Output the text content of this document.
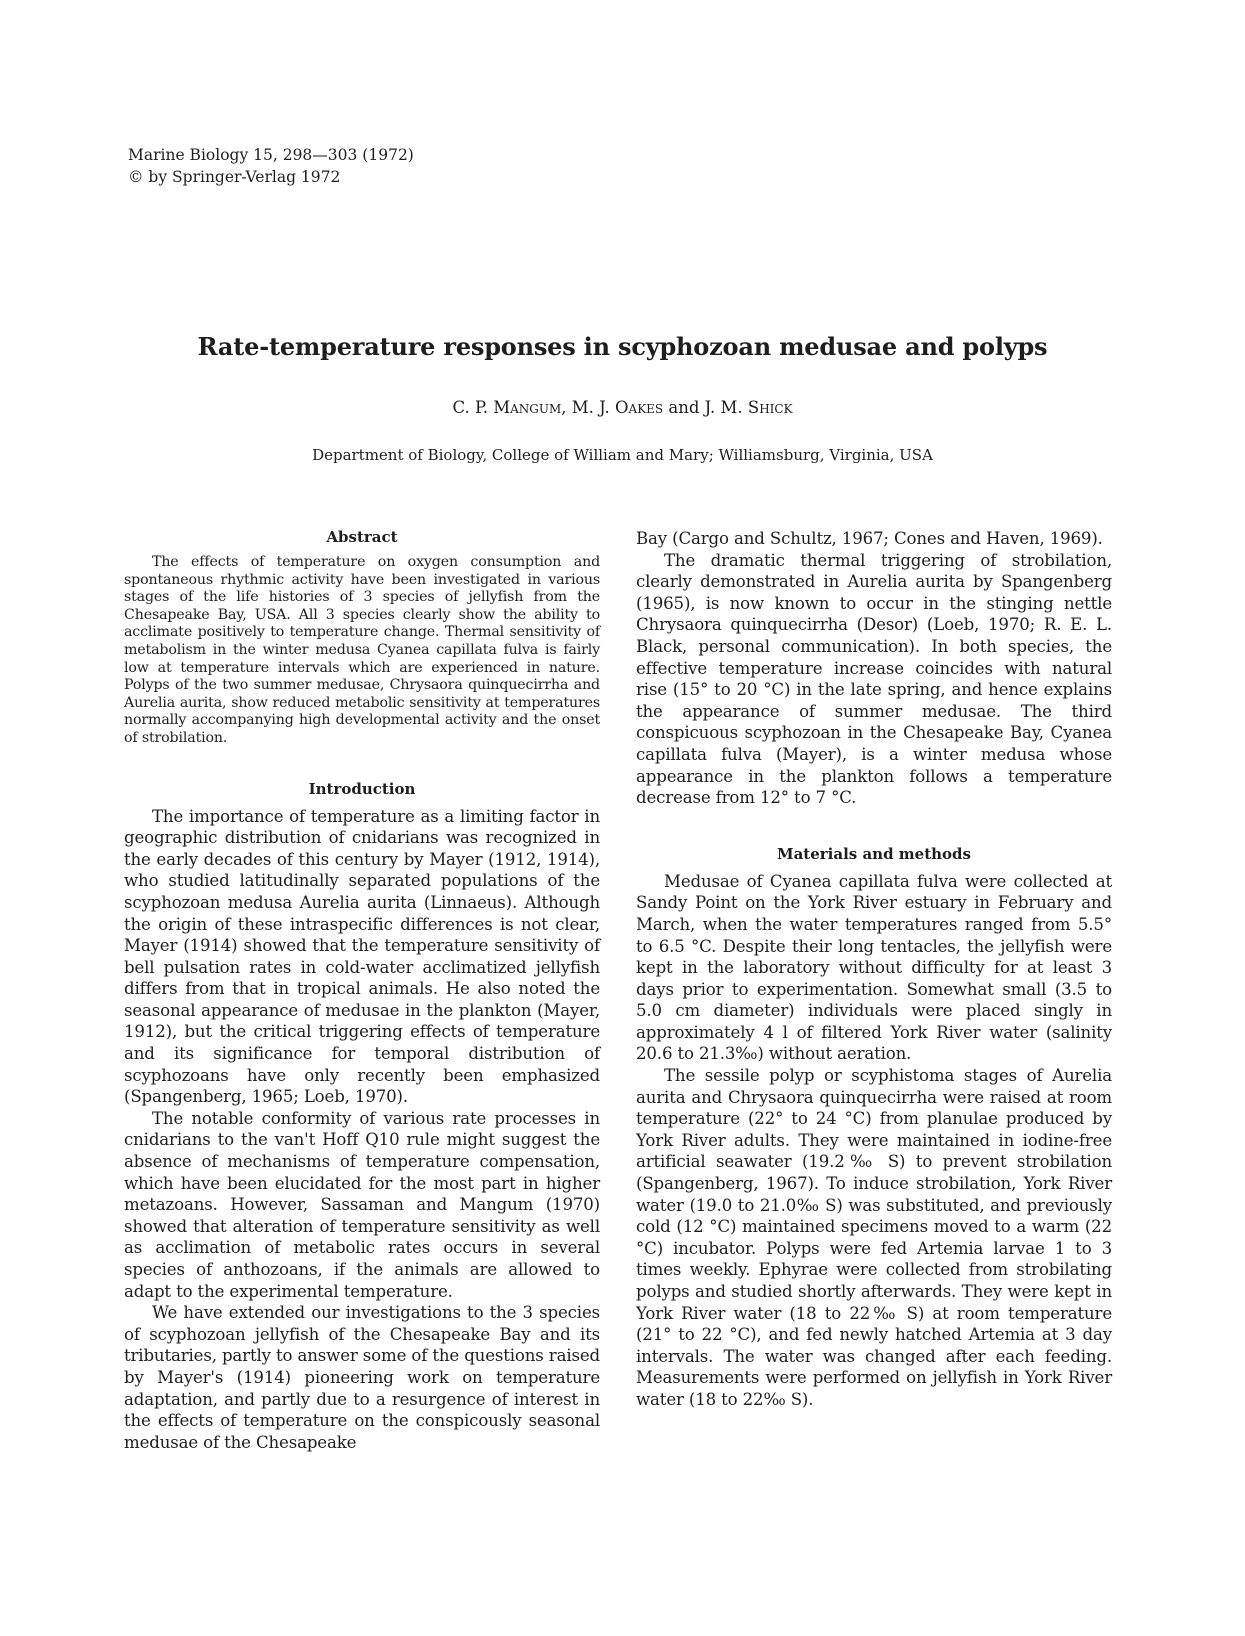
Marine Biology 15, 298—303 (1972)
© by Springer-Verlag 1972
Rate-temperature responses in scyphozoan medusae and polyps
C. P. Mangum, M. J. Oakes and J. M. Shick
Department of Biology, College of William and Mary; Williamsburg, Virginia, USA
Abstract

The effects of temperature on oxygen consumption and spontaneous rhythmic activity have been investigated in various stages of the life histories of 3 species of jellyfish from the Chesapeake Bay, USA. All 3 species clearly show the ability to acclimate positively to temperature change. Thermal sensitivity of metabolism in the winter medusa Cyanea capillata fulva is fairly low at temperature intervals which are experienced in nature. Polyps of the two summer medusae, Chrysaora quinquecirrha and Aurelia aurita, show reduced metabolic sensitivity at temperatures normally accompanying high developmental activity and the onset of strobilation.

Introduction

The importance of temperature as a limiting factor in geographic distribution of cnidarians was recognized in the early decades of this century by Mayer (1912, 1914), who studied latitudinally separated populations of the scyphozoan medusa Aurelia aurita (Linnaeus). Although the origin of these intraspecific differences is not clear, Mayer (1914) showed that the temperature sensitivity of bell pulsation rates in cold-water acclimatized jellyfish differs from that in tropical animals. He also noted the seasonal appearance of medusae in the plankton (Mayer, 1912), but the critical triggering effects of temperature and its significance for temporal distribution of scyphozoans have only recently been emphasized (Spangenberg, 1965; Loeb, 1970).

The notable conformity of various rate processes in cnidarians to the van't Hoff Q10 rule might suggest the absence of mechanisms of temperature compensation, which have been elucidated for the most part in higher metazoans. However, Sassaman and Mangum (1970) showed that alteration of temperature sensitivity as well as acclimation of metabolic rates occurs in several species of anthozoans, if the animals are allowed to adapt to the experimental temperature.

We have extended our investigations to the 3 species of scyphozoan jellyfish of the Chesapeake Bay and its tributaries, partly to answer some of the questions raised by Mayer's (1914) pioneering work on temperature adaptation, and partly due to a resurgence of interest in the effects of temperature on the conspicously seasonal medusae of the Chesapeake

Bay (Cargo and Schultz, 1967; Cones and Haven, 1969).

The dramatic thermal triggering of strobilation, clearly demonstrated in Aurelia aurita by Spangenberg (1965), is now known to occur in the stinging nettle Chrysaora quinquecirrha (Desor) (Loeb, 1970; R. E. L. Black, personal communication). In both species, the effective temperature increase coincides with natural rise (15° to 20 °C) in the late spring, and hence explains the appearance of summer medusae. The third conspicuous scyphozoan in the Chesapeake Bay, Cyanea capillata fulva (Mayer), is a winter medusa whose appearance in the plankton follows a temperature decrease from 12° to 7 °C.

Materials and methods

Medusae of Cyanea capillata fulva were collected at Sandy Point on the York River estuary in February and March, when the water temperatures ranged from 5.5° to 6.5 °C. Despite their long tentacles, the jellyfish were kept in the laboratory without difficulty for at least 3 days prior to experimentation. Somewhat small (3.5 to 5.0 cm diameter) individuals were placed singly in approximately 4 l of filtered York River water (salinity 20.6 to 21.3‰) without aeration.

The sessile polyp or scyphistoma stages of Aurelia aurita and Chrysaora quinquecirrha were raised at room temperature (22° to 24 °C) from planulae produced by York River adults. They were maintained in iodine-free artificial seawater (19.2‰ S) to prevent strobilation (Spangenberg, 1967). To induce strobilation, York River water (19.0 to 21.0‰ S) was substituted, and previously cold (12 °C) maintained specimens moved to a warm (22 °C) incubator. Polyps were fed Artemia larvae 1 to 3 times weekly. Ephyrae were collected from strobilating polyps and studied shortly afterwards. They were kept in York River water (18 to 22‰ S) at room temperature (21° to 22 °C), and fed newly hatched Artemia at 3 day intervals. The water was changed after each feeding. Measurements were performed on jellyfish in York River water (18 to 22‰ S).
